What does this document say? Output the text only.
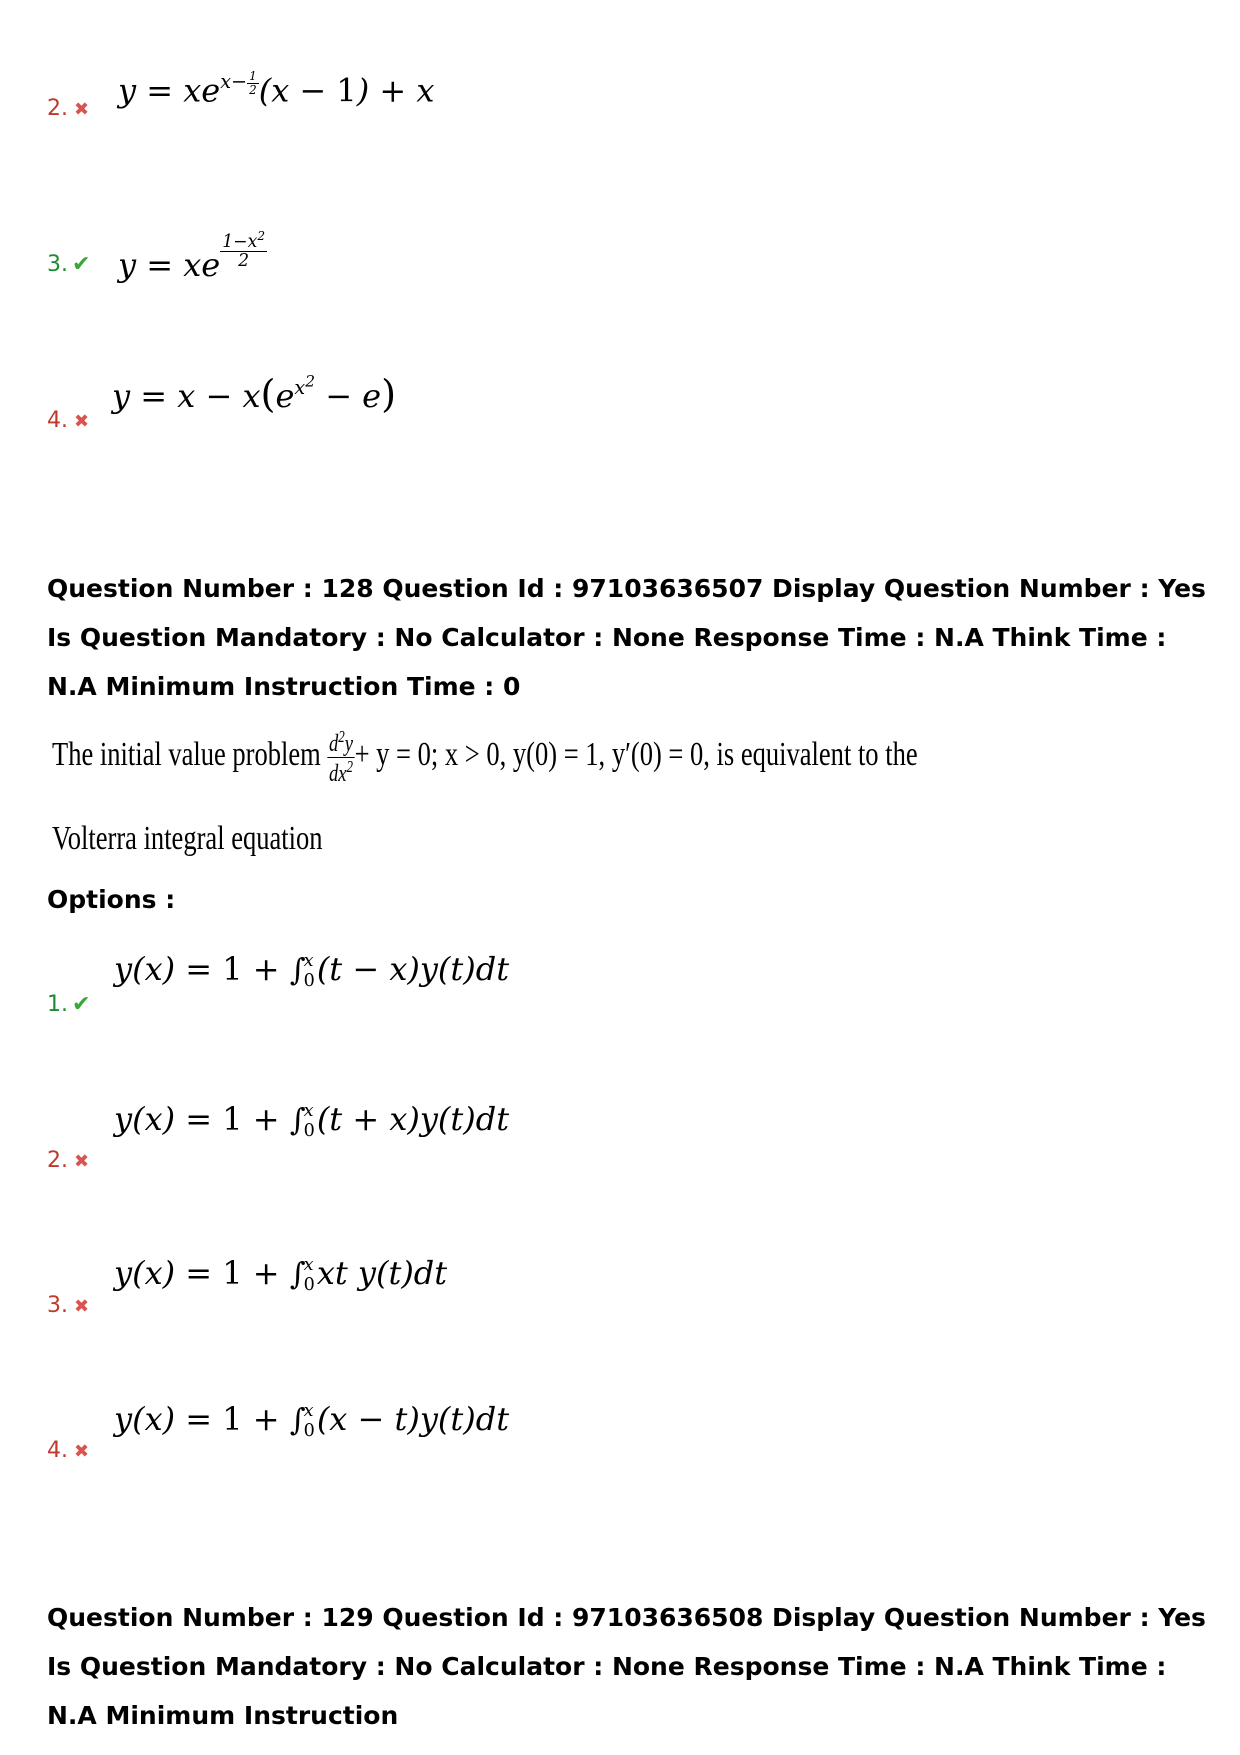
2. ✖
$y = xe^{x- \frac{1}{2}}$ (x − 1) + x
3. ✔ y = xe $^{\frac{1-x^2}{2}}$
4. ✖
$y = x - x(e^{x^2} - e)$
Question Number : 128 Question Id : 97103636507 Display Question Number : Yes Is Question Mandatory : No Calculator : None Response Time : N.A Think Time : N.A Minimum Instruction Time : 0
The initial value problem $\frac{d^2y}{dx^2} + y = 0$; x > 0, y(0) = 1, y′(0) = 0, is equivalent to the
Volterra integral equation
Options :
1. ✔
y(x) = 1 + ∫
x
0 (t − x)y(t)dt
2. ✖
y(x) = 1 + ∫
x
0 (t + x)y(t)dt
3. ✖
y(x) = 1 + ∫
x
0 xt y(t)dt
4. ✖
y(x) = 1 + ∫
x
0 (x − t)y(t)dt
Question Number : 129 Question Id : 97103636508 Display Question Number : Yes Is Question Mandatory : No Calculator : None Response Time : N.A Think Time : N.A Minimum Instruction
